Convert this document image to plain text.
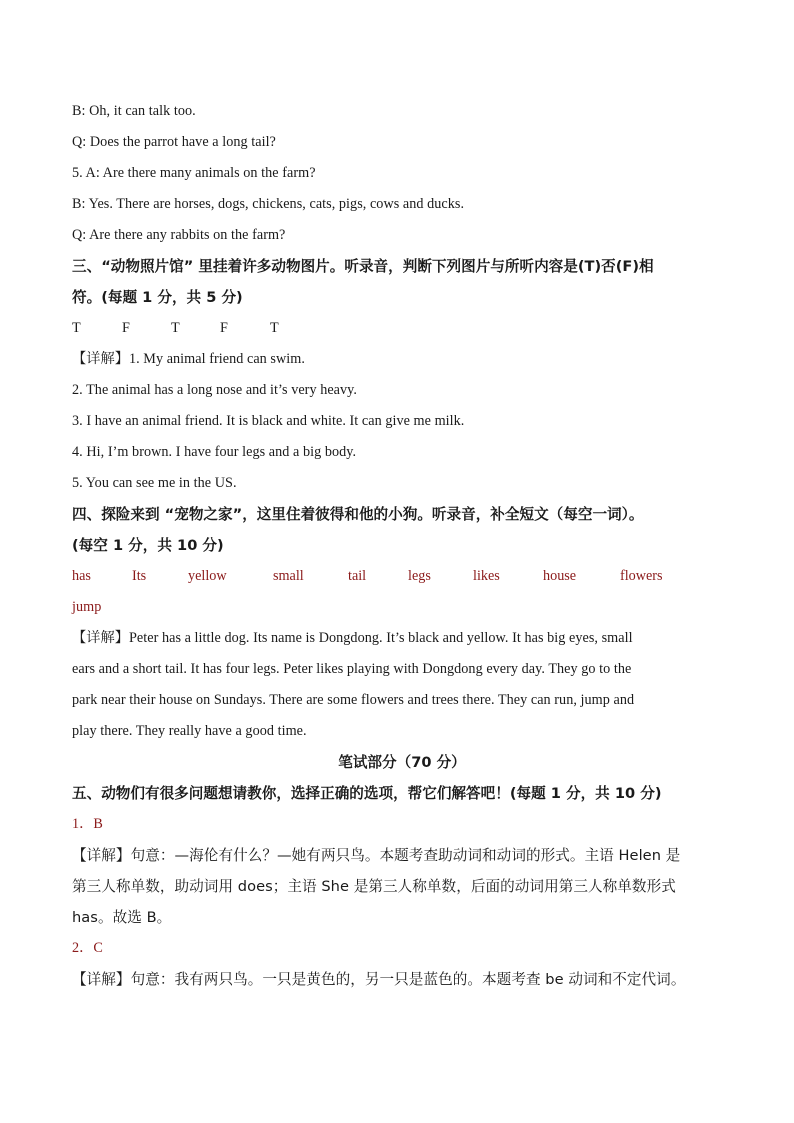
B: Oh, it can talk too.
Q: Does the parrot have a long tail?
5. A: Are there many animals on the farm?
B: Yes. There are horses, dogs, chickens, cats, pigs, cows and ducks.
Q: Are there any rabbits on the farm?
三、“动物照片馆” 里挂着许多动物图片。听录音，判断下列图片与所听内容是(T)否(F)相
符。(每题 1 分，共 5 分)
T	F	T	F	T
【详解】1. My animal friend can swim.
2. The animal has a long nose and it’s very heavy.
3. I have an animal friend. It is black and white. It can give me milk.
4. Hi, I’m brown. I have four legs and a big body.
5. You can see me in the US.
四、探险来到 “宠物之家”，这里住着彼得和他的小狗。听录音，补全短文（每空一词）。
(每空 1 分，共 10 分)
has	Its	yellow	small	tail	legs	likes	house	flowers
jump
【详解】Peter has a little dog. Its name is Dongdong. It’s black and yellow. It has big eyes, small
ears and a short tail. It has four legs. Peter likes playing with Dongdong every day. They go to the
park near their house on Sundays. There are some flowers and trees there. They can run, jump and
play there. They really have a good time.
笔试部分（70 分）
五、动物们有很多问题想请教你，选择正确的选项，帮它们解答吧！(每题 1 分，共 10 分)
1．B
【详解】句意：—海伦有什么？—她有两只鸟。本题考查助动词和动词的形式。主语 Helen 是
第三人称单数，助动词用 does；主语 She 是第三人称单数，后面的动词用第三人称单数形式
has。故选 B。
2．C
【详解】句意：我有两只鸟。一只是黄色的，另一只是蓝色的。本题考查 be 动词和不定代词。
